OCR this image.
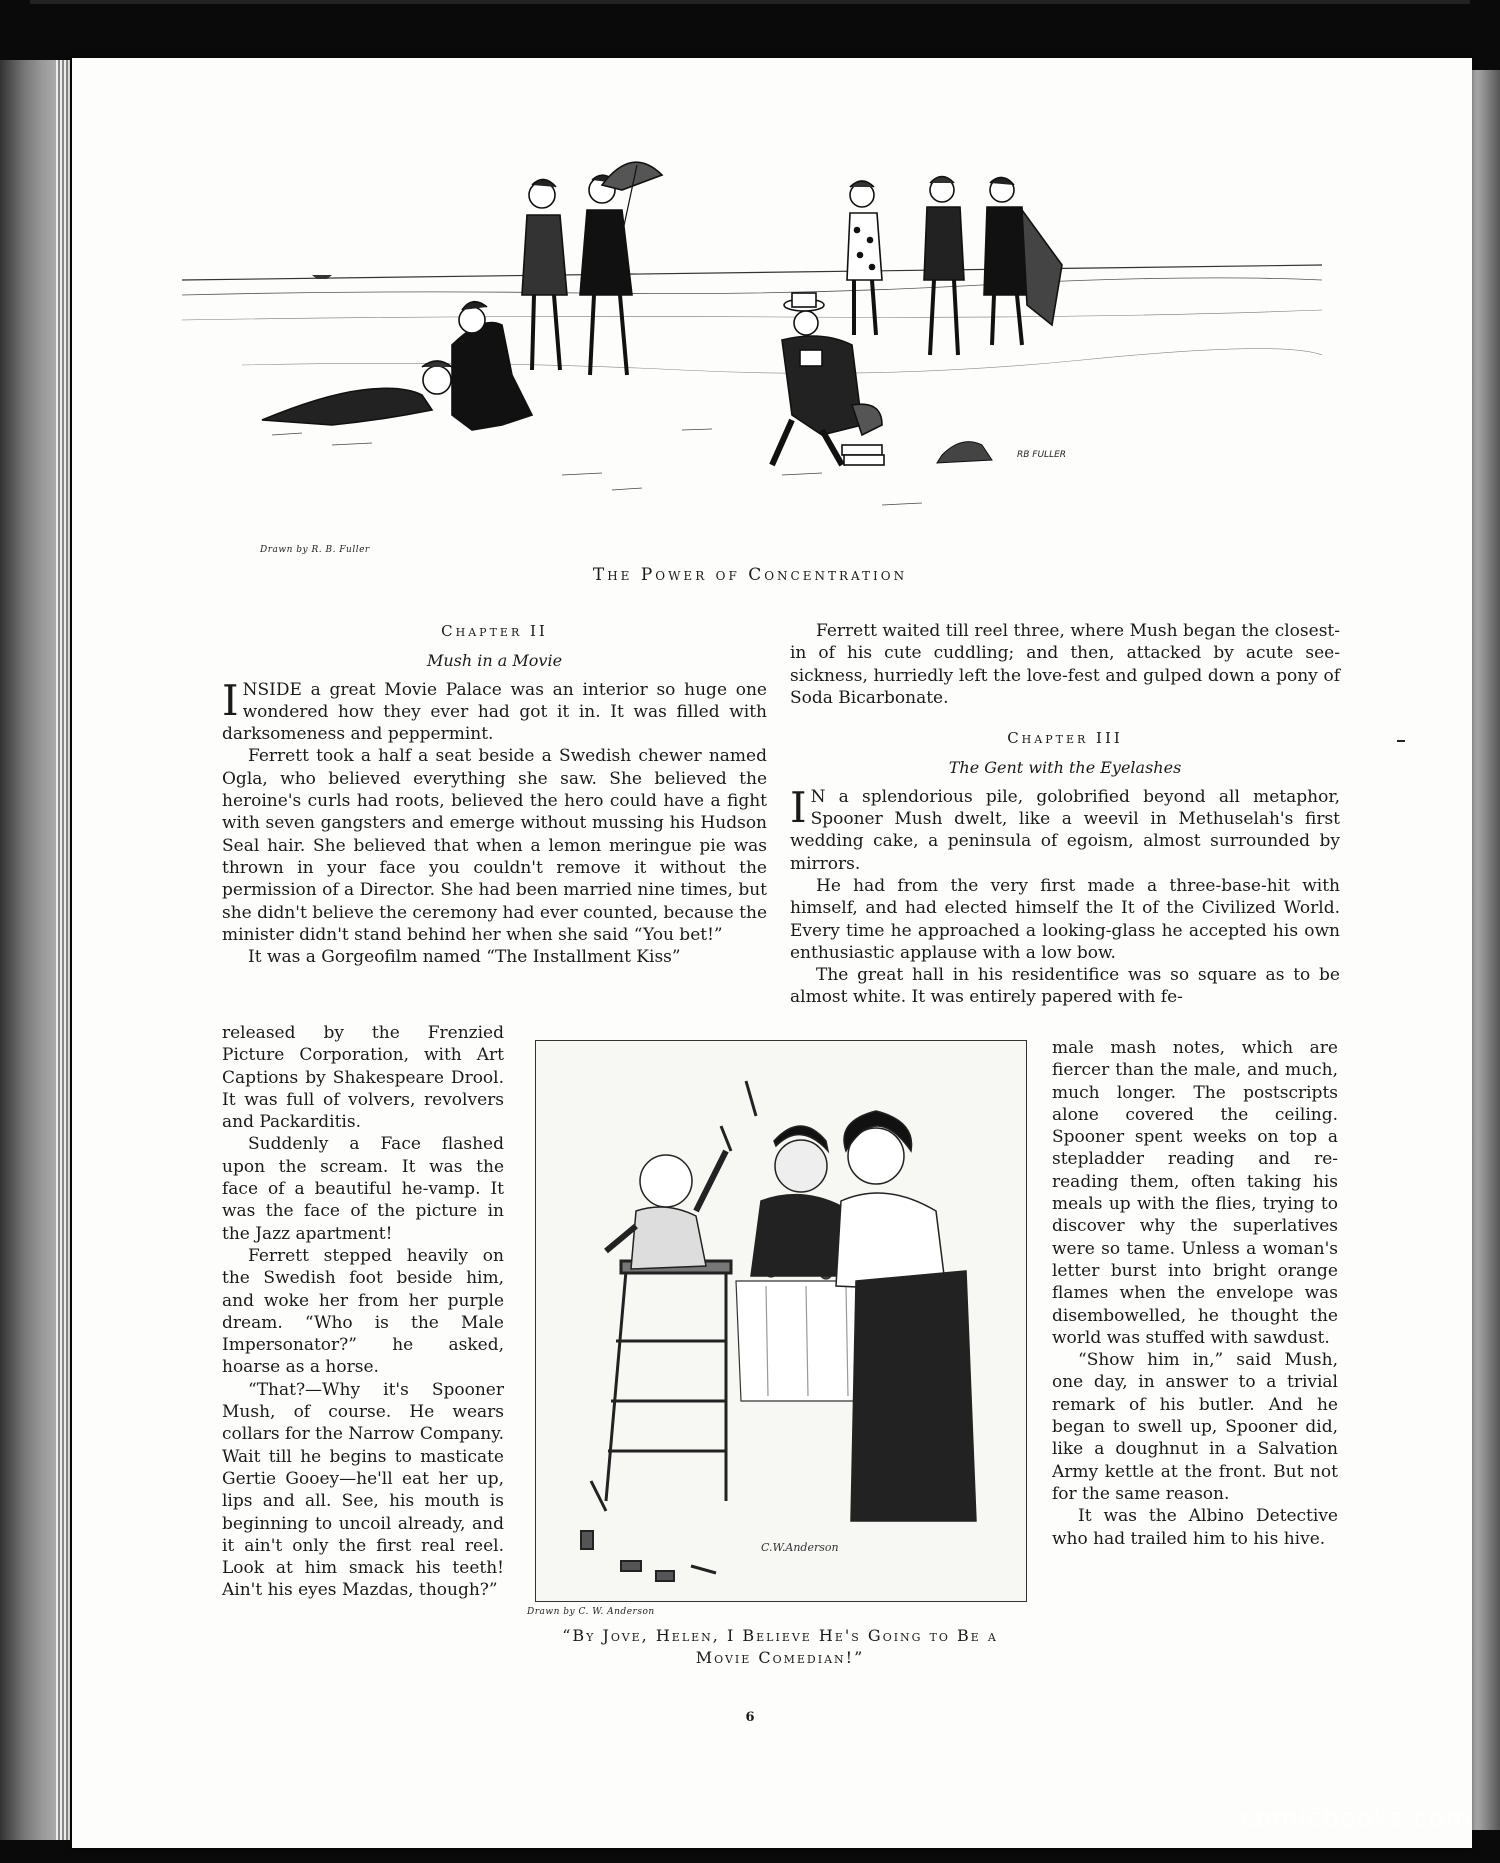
RB FULLER
Drawn by R. B. Fuller
The Power of Concentration
Chapter II
Mush in a Movie

INSIDE a great Movie Palace was an interior so huge one wondered how they ever had got it in. It was filled with darksomeness and peppermint.

Ferrett took a half a seat beside a Swedish chewer named Ogla, who believed everything she saw. She believed the heroine's curls had roots, believed the hero could have a fight with seven gangsters and emerge without mussing his Hudson Seal hair. She believed that when a lemon meringue pie was thrown in your face you couldn't remove it without the permission of a Director. She had been married nine times, but she didn't believe the ceremony had ever counted, because the minister didn't stand behind her when she said “You bet!”

It was a Gorgeofilm named “The Installment Kiss”

released by the Frenzied Picture Corporation, with Art Captions by Shakespeare Drool. It was full of volvers, revolvers and Packarditis.

Suddenly a Face flashed upon the scream. It was the face of a beautiful he-vamp. It was the face of the picture in the Jazz apartment!

Ferrett stepped heavily on the Swedish foot beside him, and woke her from her purple dream. “Who is the Male Impersonator?” he asked, hoarse as a horse.

“That?—Why it's Spooner Mush, of course. He wears collars for the Narrow Company. Wait till he begins to masticate Gertie Gooey—he'll eat her up, lips and all. See, his mouth is beginning to uncoil already, and it ain't only the first real reel. Look at him smack his teeth! Ain't his eyes Mazdas, though?”

Ferrett waited till reel three, where Mush began the closest-in of his cute cuddling; and then, attacked by acute see-sickness, hurriedly left the love-fest and gulped down a pony of Soda Bicarbonate.

Chapter III
The Gent with the Eyelashes

I N a splendorious pile, golobrified beyond all metaphor, Spooner Mush dwelt, like a weevil in Methuselah's first wedding cake, a peninsula of egoism, almost surrounded by mirrors.

He had from the very first made a three-base-hit with himself, and had elected himself the It of the Civilized World. Every time he approached a looking-glass he accepted his own enthusiastic applause with a low bow.

The great hall in his residentifice was so square as to be almost white. It was entirely papered with fe-

male mash notes, which are fiercer than the male, and much, much longer. The postscripts alone covered the ceiling. Spooner spent weeks on top a stepladder reading and re-reading them, often taking his meals up with the flies, trying to discover why the superlatives were so tame. Unless a woman's letter burst into bright orange flames when the envelope was disembowelled, he thought the world was stuffed with sawdust.

“Show him in,” said Mush, one day, in answer to a trivial remark of his butler. And he began to swell up, Spooner did, like a doughnut in a Salvation Army kettle at the front. But not for the same reason.

It was the Albino Detective who had trailed him to his hive.

C.W.Anderson
Drawn by C. W. Anderson
“By Jove, Helen, I Believe He's Going to Be a Movie Comedian!”
6
comicbooks.com
